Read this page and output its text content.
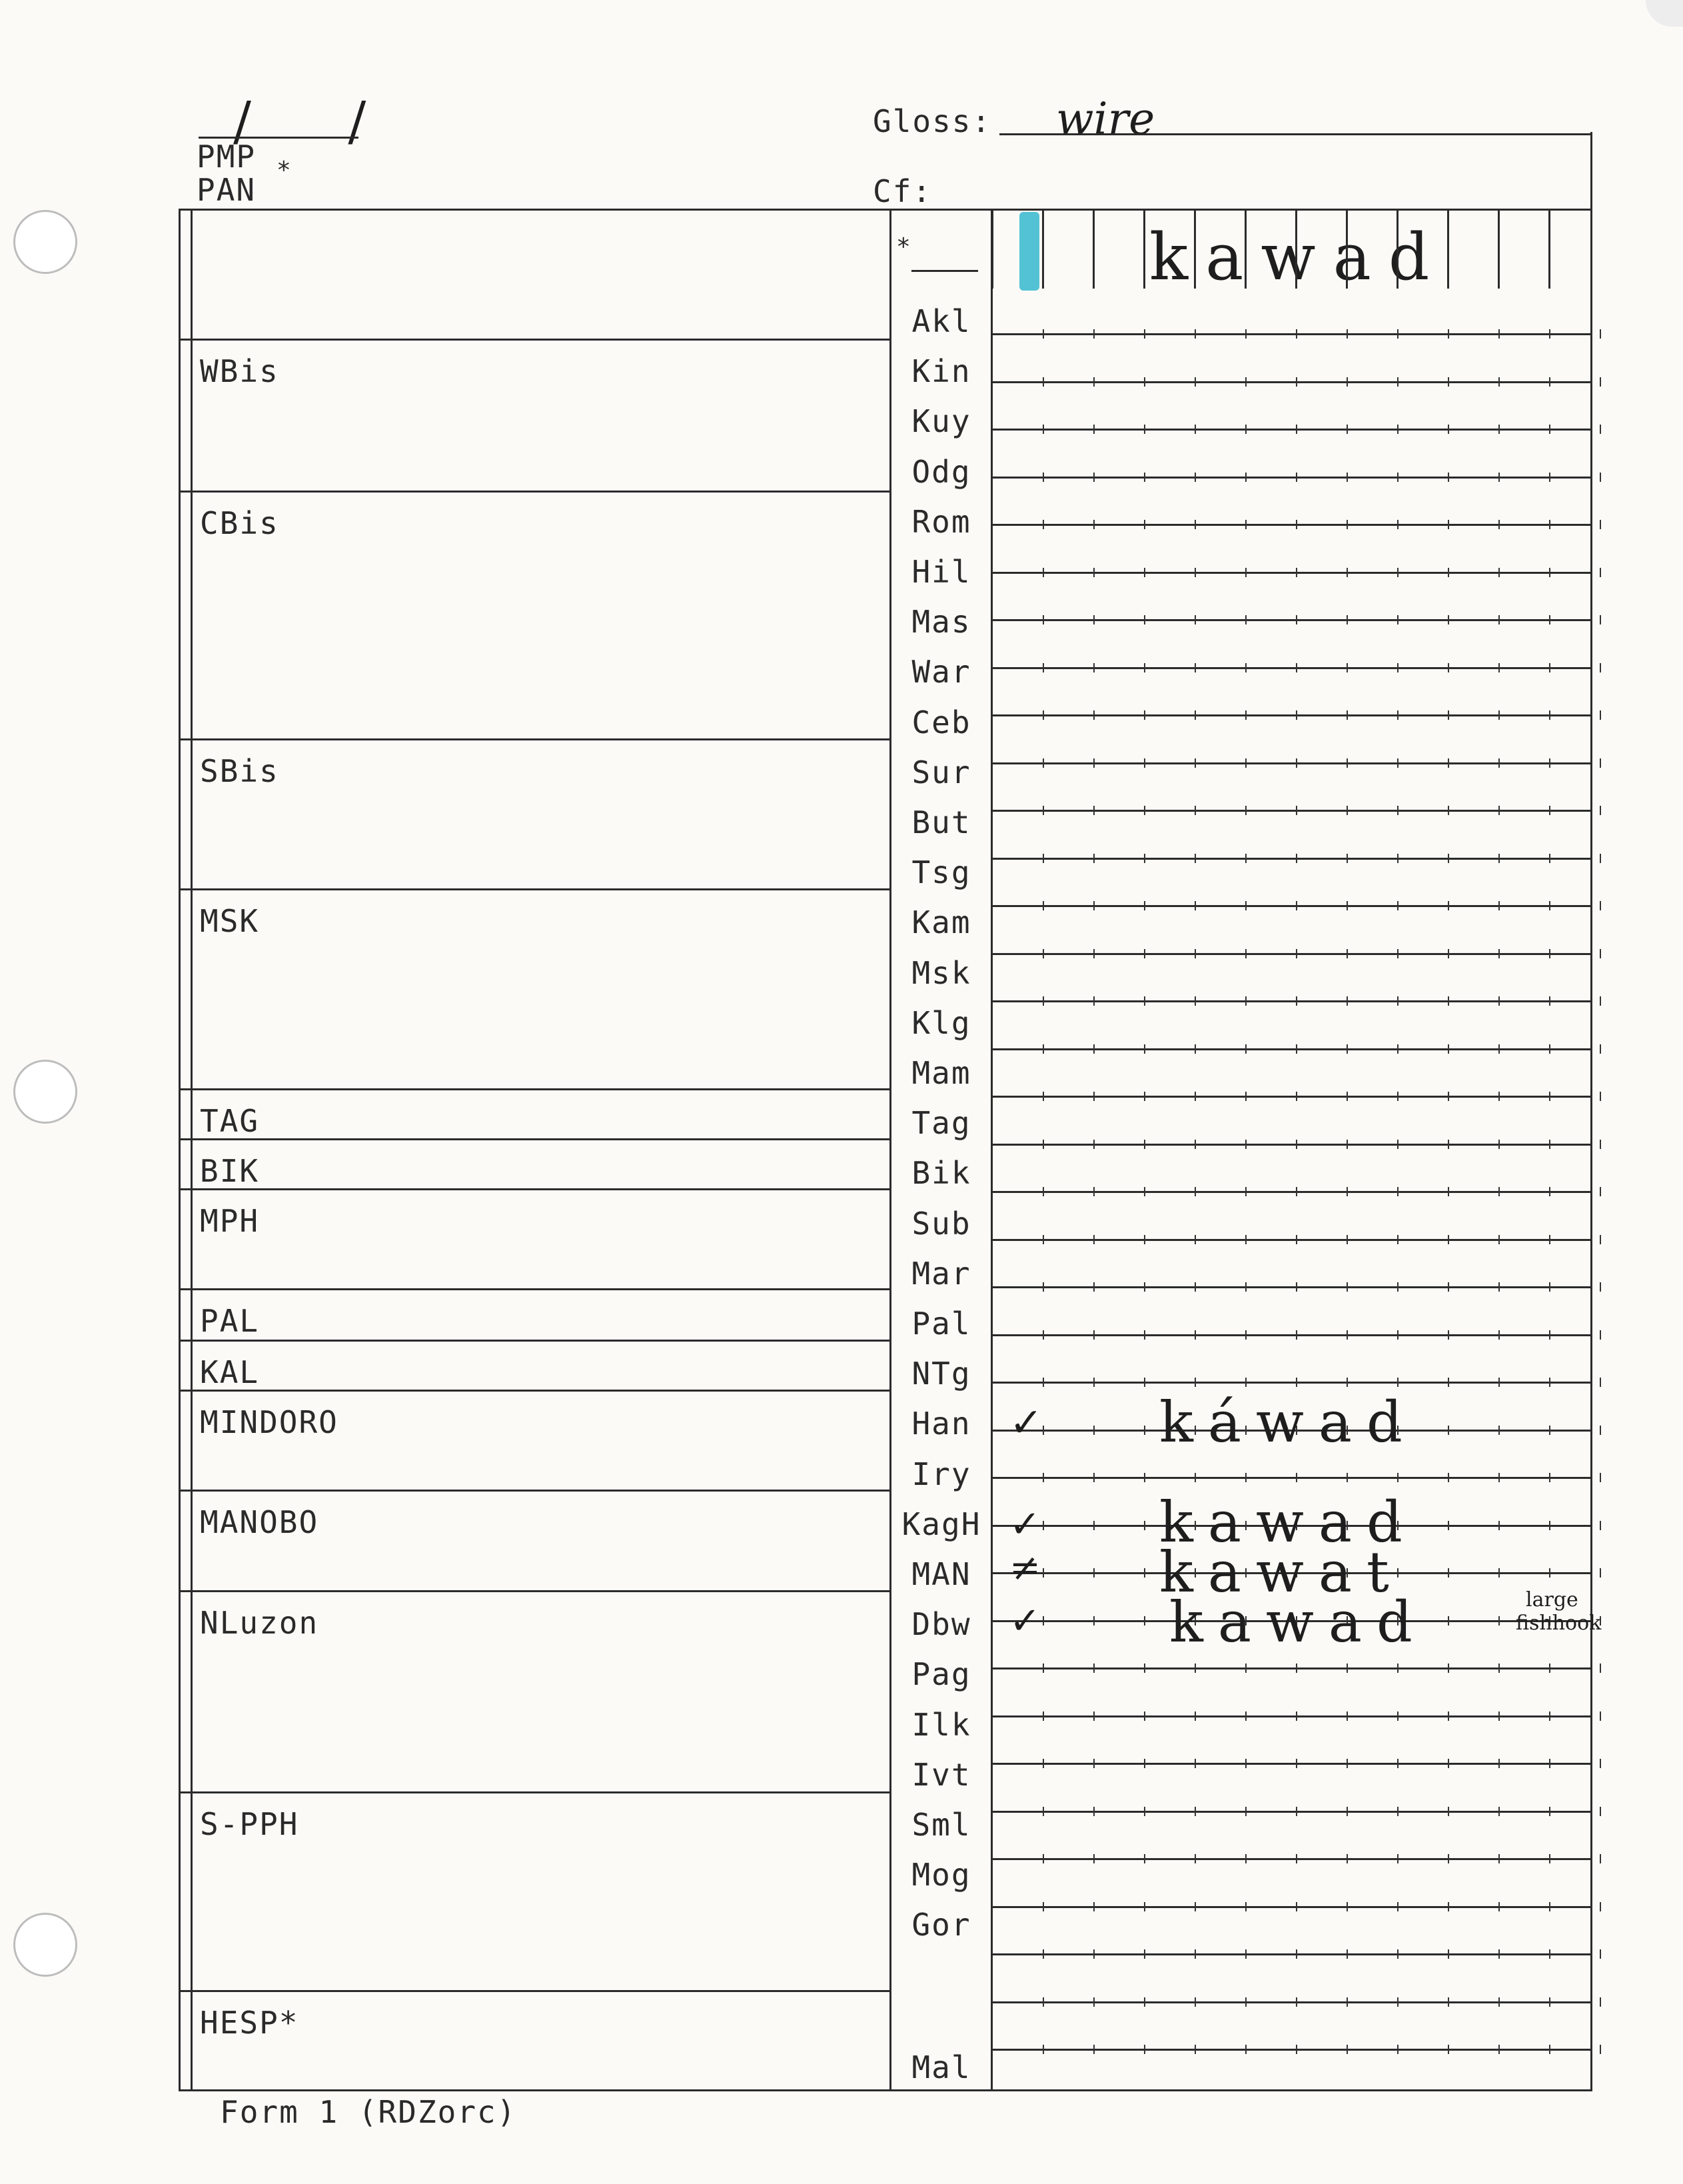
/ /
PMP
PAN
*
Gloss: wire
Cf:
*	kawad
WBis
CBis
SBis
MSK
TAG
BIK
MPH
PAL
KAL
MINDORO
MANOBO
NLuzon
S-PPH
HESP*
Akl
Kin
Kuy
Odg
Rom
Hil
Mas
War
Ceb
Sur
But
Tsg
Kam
Msk
Klg
Mam
Tag
Bik
Sub
Mar
Pal
NTg
Han
Iry
KagH
MAN
Dbw
Pag
Ilk
Ivt
Sml
Mog
Gor
Mal
✓ káwad
✓ kawad
≠ kawat
✓ kawad	large
fishhook
Form 1 (RDZorc)
